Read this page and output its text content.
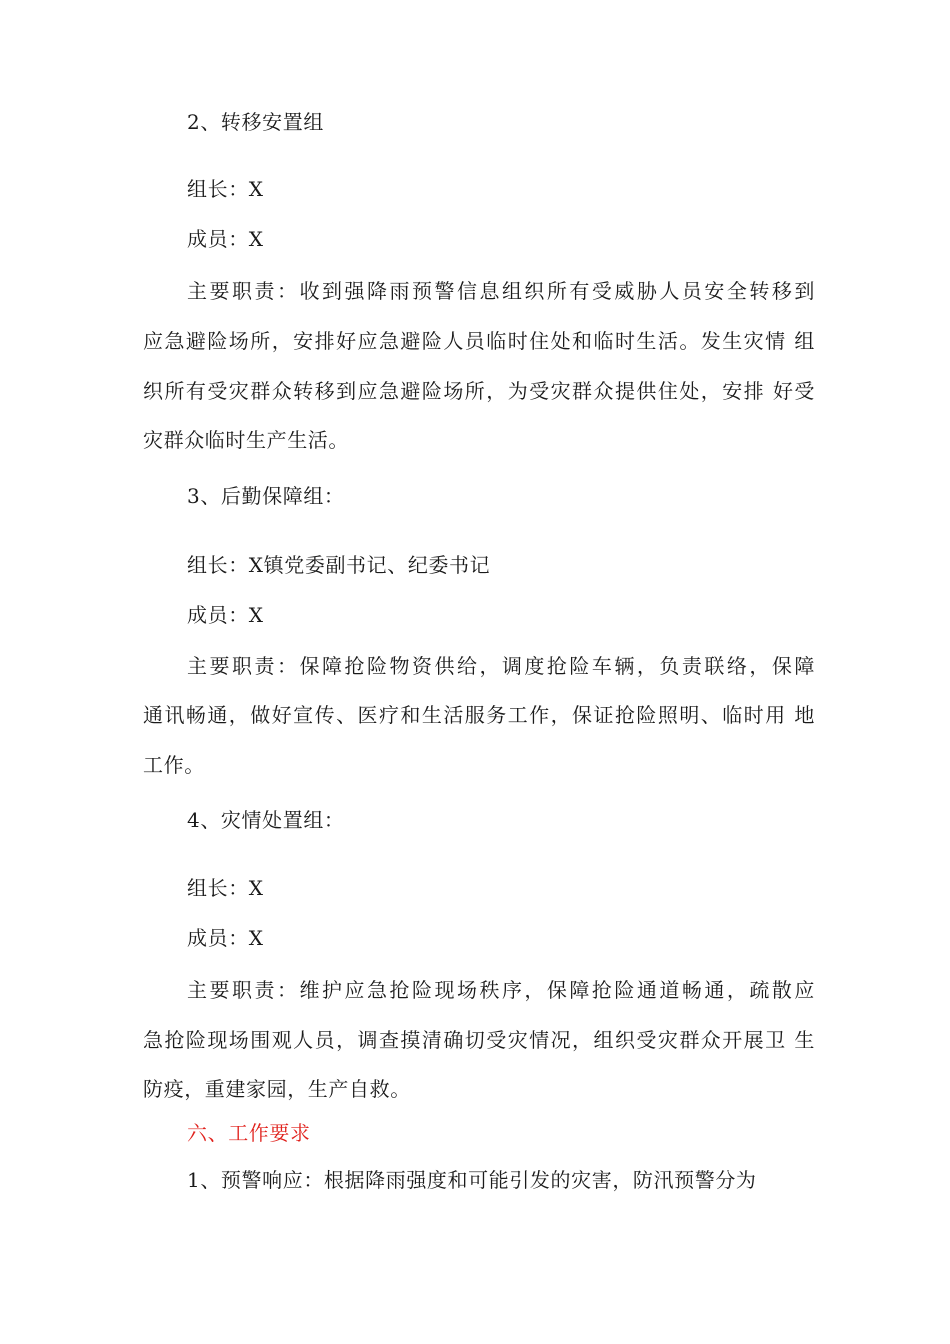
2、转移安置组
组长：X
成员：X
主要职责：收到强降雨预警信息组织所有受威胁人员安全转移到
应急避险场所，安排好应急避险人员临时住处和临时生活。发生灾情 组
织所有受灾群众转移到应急避险场所，为受灾群众提供住处，安排 好受
灾群众临时生产生活。
3、后勤保障组：
组长：X镇党委副书记、纪委书记
成员：X
主要职责：保障抢险物资供给，调度抢险车辆，负责联络，保障
通讯畅通，做好宣传、医疗和生活服务工作，保证抢险照明、临时用 地
工作。
4、灾情处置组：
组长：X
成员：X
主要职责：维护应急抢险现场秩序，保障抢险通道畅通，疏散应
急抢险现场围观人员，调查摸清确切受灾情况，组织受灾群众开展卫 生
防疫，重建家园，生产自救。
六、工作要求
1、预警响应：根据降雨强度和可能引发的灾害，防汛预警分为
